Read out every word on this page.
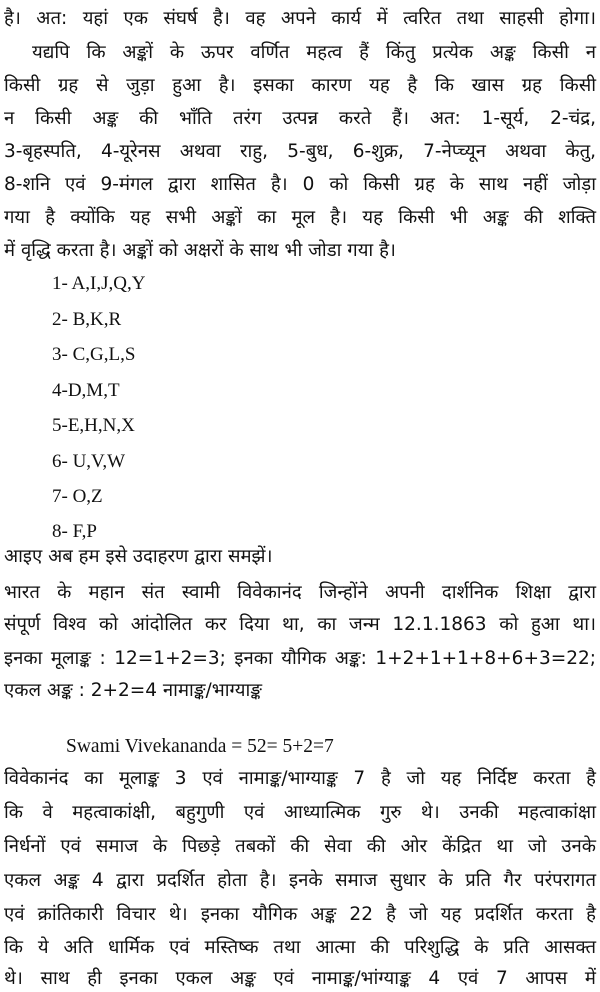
है। अत: यहां एक संघर्ष है। वह अपने कार्य में त्वरित तथा साहसी होगा।
यद्यपि कि अङ्कों के ऊपर वर्णित महत्व हैं किंतु प्रत्येक अङ्क किसी न
किसी ग्रह से जुड़ा हुआ है। इसका कारण यह है कि खास ग्रह किसी
न किसी अङ्क की भाँति तरंग उत्पन्न करते हैं। अत: 1-सूर्य, 2-चंद्र,
3-बृहस्पति, 4-यूरेनस अथवा राहु, 5-बुध, 6-शुक्र, 7-नेप्च्यून अथवा केतु,
8-शनि एवं 9-मंगल द्वारा शासित है। 0 को किसी ग्रह के साथ नहीं जोड़ा
गया है क्योंकि यह सभी अङ्कों का मूल है। यह किसी भी अङ्क की शक्ति
में वृद्धि करता है। अङ्कों को अक्षरों के साथ भी जोडा गया है।
1- A,I,J,Q,Y
2- B,K,R
3- C,G,L,S
4-D,M,T
5-E,H,N,X
6- U,V,W
7- O,Z
8- F,P
आइए अब हम इसे उदाहरण द्वारा समझें।
भारत के महान संत स्वामी विवेकानंद जिन्होंने अपनी दार्शनिक शिक्षा द्वारा
संपूर्ण विश्व को आंदोलित कर दिया था, का जन्म 12.1.1863 को हुआ था।
इनका मूलाङ्क : 12=1+2=3; इनका यौगिक अङ्क: 1+2+1+1+8+6+3=22;
एकल अङ्क : 2+2=4 नामाङ्क/भाग्याङ्क
Swami Vivekananda = 52= 5+2=7
विवेकानंद का मूलाङ्क 3 एवं नामाङ्क/भाग्याङ्क 7 है जो यह निर्दिष्ट करता है
कि वे महत्वाकांक्षी, बहुगुणी एवं आध्यात्मिक गुरु थे। उनकी महत्वाकांक्षा
निर्धनों एवं समाज के पिछड़े तबकों की सेवा की ओर केंद्रित था जो उनके
एकल अङ्क 4 द्वारा प्रदर्शित होता है। इनके समाज सुधार के प्रति गैर परंपरागत
एवं क्रांतिकारी विचार थे। इनका यौगिक अङ्क 22 है जो यह प्रदर्शित करता है
कि ये अति धार्मिक एवं मस्तिष्क तथा आत्मा की परिशुद्धि के प्रति आसक्त
थे। साथ ही इनका एकल अङ्क एवं नामाङ्क/भांग्याङ्क 4 एवं 7 आपस में
